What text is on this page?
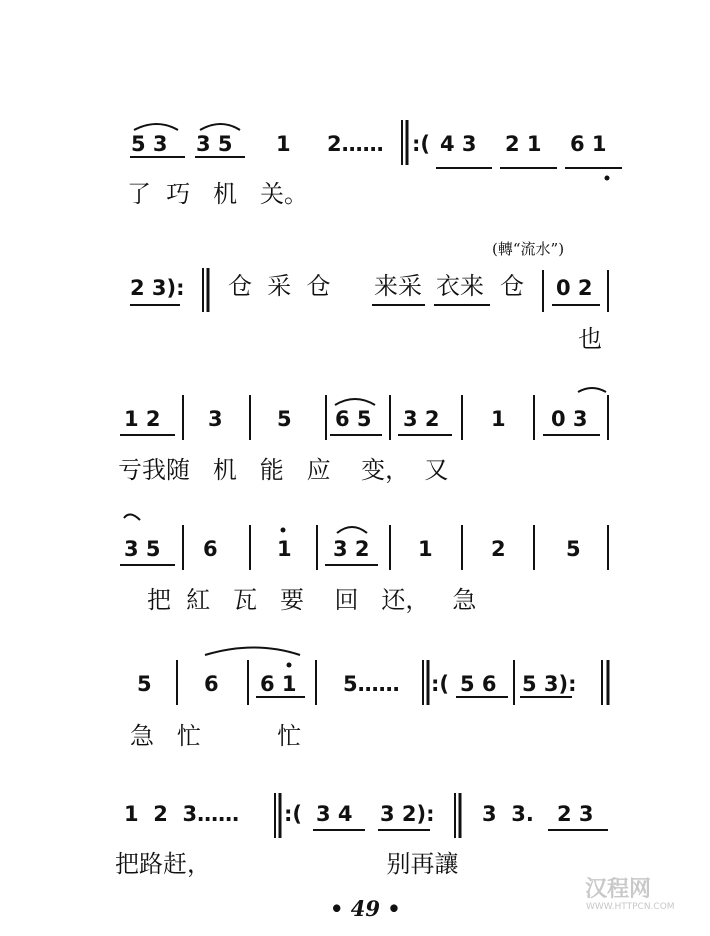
5 3 3 5 1 2…… :( 4 3 2 1 6 1
了  巧   机   关。
(轉“流水”)
2 3): 仓  采  仓 来采 衣来 仓 0 2
也
1 2 3	5 6 5 3 2 1 0 3
亏我随   机   能   应    变，  又
3 5 6	1 3 2 1	2	5
把  紅   瓦   要    回   还，   急
5 6 6 1 5…… :( 5 6 5 3):
急   忙          忙
1  2  3…… :( 3 4 3 2): 3  3. 2 3
把路赶，                       别再讓
• 49 •
汉程网
WWW.HTTPCN.COM
